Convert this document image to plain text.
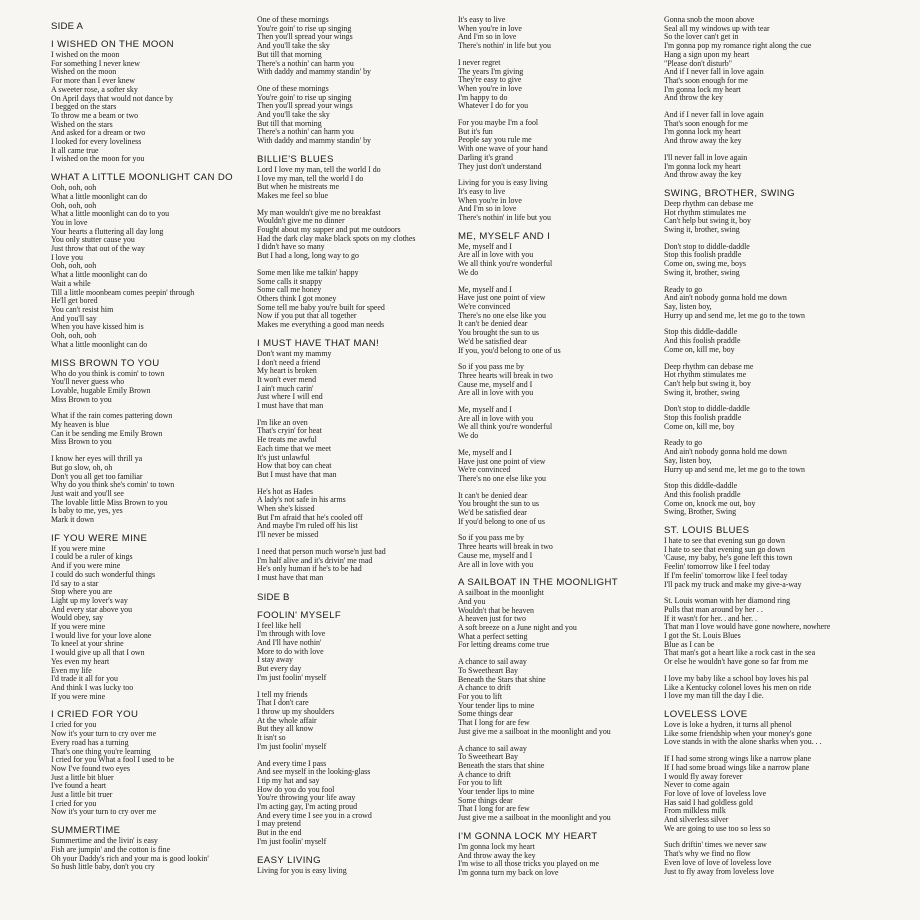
SIDE A
I WISHED ON THE MOON
I wished on the moon
For something I never knew
Wished on the moon
For more than I ever knew
A sweeter rose, a softer sky
On April days that would not dance by
I begged on the stars
To throw me a beam or two
Wished on the stars
And asked for a dream or two
I looked for every loveliness
It all came true
I wished on the moon for you
WHAT A LITTLE MOONLIGHT CAN DO
Ooh, ooh, ooh
What a little moonlight can do
Ooh, ooh, ooh
What a little moonlight can do to you
You in love
Your hearts a fluttering all day long
You only stutter cause you
Just throw that out of the way
I love you
Ooh, ooh, ooh
What a little moonlight can do
Wait a while
Till a little moonbeam comes peepin' through
He'll get bored
You can't resist him
And you'll say
When you have kissed him is
Ooh, ooh, ooh
What a little moonlight can do
MISS BROWN TO YOU
Who do you think is comin' to town
You'll never guess who
Lovable, hugable Emily Brown
Miss Brown to you
What if the rain comes pattering down
My heaven is blue
Can it be sending me Emily Brown
Miss Brown to you
I know her eyes will thrill ya
But go slow, oh, oh
Don't you all get too familiar
Why do you think she's comin' to town
Just wait and you'll see
The lovable little Miss Brown to you
Is baby to me, yes, yes
Mark it down
IF YOU WERE MINE
If you were mine
I could be a ruler of kings
And if you were mine
I could do such wonderful things
I'd say to a star
Stop where you are
Light up my lover's way
And every star above you
Would obey, say
If you were mine
I would live for your love alone
To kneel at your shrine
I would give up all that I own
Yes even my heart
Even my life
I'd trade it all for you
And think I was lucky too
If you were mine
I CRIED FOR YOU
I cried for you
Now it's your turn to cry over me
Every road has a turning
That's one thing you're learning
I cried for you What a fool I used to be
Now I've found two eyes
Just a little bit bluer
I've found a heart
Just a little bit truer
I cried for you
Now it's your turn to cry over me
SUMMERTIME
Summertime and the livin' is easy
Fish are jumpin' and the cotton is fine
Oh your Daddy's rich and your ma is good lookin'
So hush little baby, don't you cry
One of these mornings
You're goin' to rise up singing
Then you'll spread your wings
And you'll take the sky
But till that morning
There's a nothin' can harm you
With daddy and mammy standin' by
One of these mornings
You're goin' to rise up singing
Then you'll spread your wings
And you'll take the sky
But till that morning
There's a nothin' can harm you
With daddy and mammy standin' by
BILLIE'S BLUES
Lord I love my man, tell the world I do
I love my man, tell the world I do
But when he mistreats me
Makes me feel so blue
My man wouldn't give me no breakfast
Wouldn't give me no dinner
Fought about my supper and put me outdoors
Had the dark clay make black spots on my clothes
I didn't have so many
But I had a long, long way to go
Some men like me talkin' happy
Some calls it snappy
Some call me honey
Others think I got money
Some tell me baby you're built for speed
Now if you put that all together
Makes me everything a good man needs
I MUST HAVE THAT MAN!
Don't want my mammy
I don't need a friend
My heart is broken
It won't ever mend
I ain't much carin'
Just where I will end
I must have that man
I'm like an oven
That's cryin' for heat
He treats me awful
Each time that we meet
It's just unlawful
How that boy can cheat
But I must have that man
He's hot as Hades
A lady's not safe in his arms
When she's kissed
But I'm afraid that he's cooled off
And maybe I'm ruled off his list
I'll never be missed
I need that person much worse'n just bad
I'm half alive and it's drivin' me mad
He's only human if he's to be had
I must have that man
SIDE B
FOOLIN' MYSELF
I feel like hell
I'm through with love
And I'll have nothin'
More to do with love
I stay away
But every day
I'm just foolin' myself
I tell my friends
That I don't care
I throw up my shoulders
At the whole affair
But they all know
It isn't so
I'm just foolin' myself
And every time I pass
And see myself in the looking-glass
I tip my hat and say
How do you do you fool
You're throwing your life away
I'm acting gay, I'm acting proud
And every time I see you in a crowd
I may pretend
But in the end
I'm just foolin' myself
EASY LIVING
Living for you is easy living
It's easy to live
When you're in love
And I'm so in love
There's nothin' in life but you
I never regret
The years I'm giving
They're easy to give
When you're in love
I'm happy to do
Whatever I do for you
For you maybe I'm a fool
But it's fun
People say you rule me
With one wave of your hand
Darling it's grand
They just don't understand
Living for you is easy living
It's easy to live
When you're in love
And I'm so in love
There's nothin' in life but you
ME, MYSELF AND I
Me, myself and I
Are all in love with you
We all think you're wonderful
We do
Me, myself and I
Have just one point of view
We're convinced
There's no one else like you
It can't be denied dear
You brought the sun to us
We'd be satisfied dear
If you, you'd belong to one of us
So if you pass me by
Three hearts will break in two
Cause me, myself and I
Are all in love with you
Me, myself and I
Are all in love with you
We all think you're wonderful
We do
Me, myself and I
Have just one point of view
We're convinced
There's no one else like you
It can't be denied dear
You brought the sun to us
We'd be satisfied dear
If you'd belong to one of us
So if you pass me by
Three hearts will break in two
Cause me, myself and I
Are all in love with you
A SAILBOAT IN THE MOONLIGHT
A sailboat in the moonlight
And you
Wouldn't that be heaven
A heaven just for two
A soft breeze on a June night and you
What a perfect setting
For letting dreams come true
A chance to sail away
To Sweetheart Bay
Beneath the Stars that shine
A chance to drift
For you to lift
Your tender lips to mine
Some things dear
That I long for are few
Just give me a sailboat in the moonlight and you
A chance to sail away
To Sweetheart Bay
Beneath the stars that shine
A chance to drift
For you to lift
Your tender lips to mine
Some things dear
That I long for are few
Just give me a sailboat in the moonlight and you
I'M GONNA LOCK MY HEART
I'm gonna lock my heart
And throw away the key
I'm wise to all those tricks you played on me
I'm gonna turn my back on love
Gonna snob the moon above
Seal all my windows up with tear
So the lover can't get in
I'm gonna pop my romance right along the cue
Hang a sign upon my heart
"Please don't disturb"
And if I never fall in love again
That's soon enough for me
I'm gonna lock my heart
And throw the key
And if I never fall in love again
That's soon enough for me
I'm gonna lock my heart
And throw away the key
I'll never fall in love again
I'm gonna lock my heart
And throw away the key
SWING, BROTHER, SWING
Deep rhythm can debase me
Hot rhythm stimulates me
Can't help but swing it, boy
Swing it, brother, swing
Don't stop to diddle-daddle
Stop this foolish praddle
Come on, swing me, boys
Swing it, brother, swing
Ready to go
And ain't nobody gonna hold me down
Say, listen boy,
Hurry up and send me, let me go to the town
Stop this diddle-daddle
And this foolish praddle
Come on, kill me, boy
Deep rhythm can debase me
Hot rhythm stimulates me
Can't help but swing it, boy
Swing it, brother, swing
Don't stop to diddle-daddle
Stop this foolish praddle
Come on, kill me, boy
Ready to go
And ain't nobody gonna hold me down
Say, listen boy,
Hurry up and send me, let me go to the town
Stop this diddle-daddle
And this foolish praddle
Come on, knock me out, boy
Swing, Brother, Swing
ST. LOUIS BLUES
I hate to see that evening sun go down
I hate to see that evening sun go down
'Cause, my baby, he's gone left this town
Feelin' tomorrow like I feel today
If I'm feelin' tomorrow like I feel today
I'll pack my truck and make my give-a-way
St. Louis woman with her diamond ring
Pulls that man around by her . .
If it wasn't for her. . and her. .
That man I love would have gone nowhere, nowhere
I got the St. Louis Blues
Blue as I can be
That man's got a heart like a rock cast in the sea
Or else he wouldn't have gone so far from me
I love my baby like a school boy loves his pal
Like a Kentucky colonel loves his men on ride
I love my man till the day I die.
LOVELESS LOVE
Love is loke a hydren, it turns all phenol
Like some friendship when your money's gone
Love stands in with the alone sharks when you. . .
If I had some strong wings like a narrow plane
If I had some broad wings like a narrow plane
I would fly away forever
Never to come again
For love of love of loveless love
Has said I had goldless gold
From milkless milk
And silverless silver
We are going to use too so less so
Such driftin' times we never saw
That's why we find no flow
Even love of love of loveless love
Just to fly away from loveless love
